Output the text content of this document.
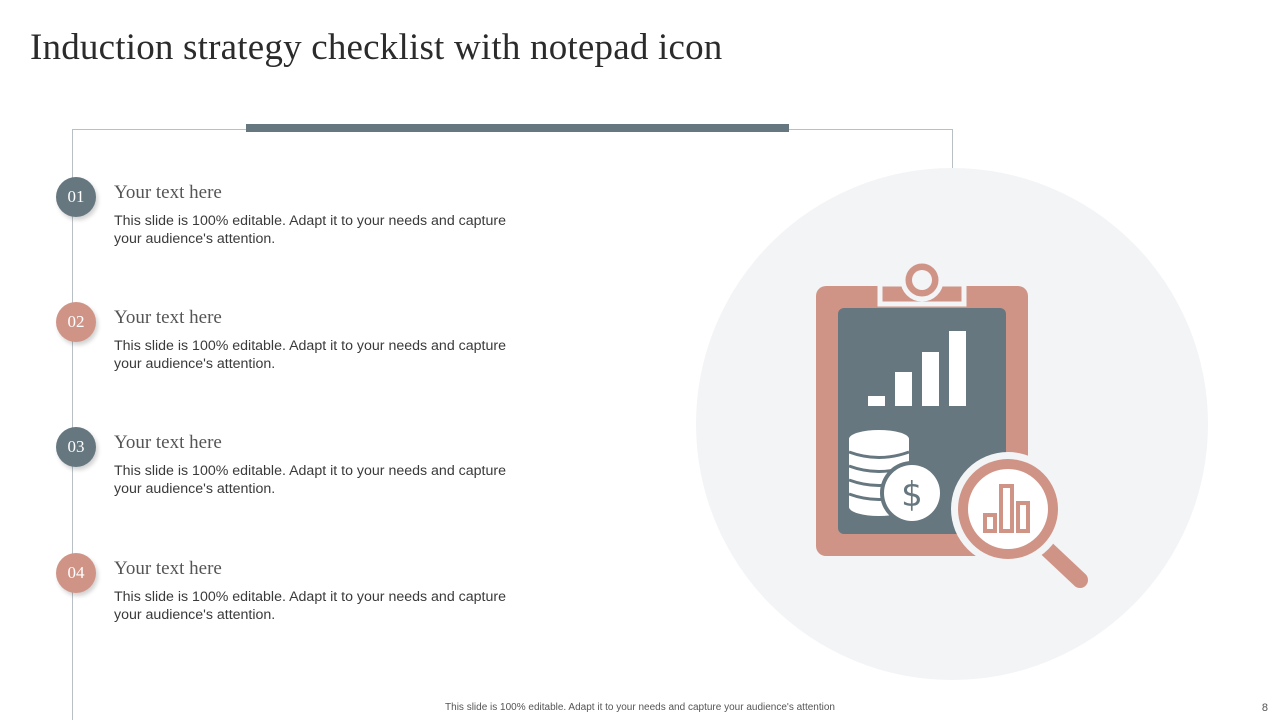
Induction strategy checklist with notepad icon
01	Your text here
This slide is 100% editable. Adapt it to your needs and capture your audience's attention.
02	Your text here
This slide is 100% editable. Adapt it to your needs and capture your audience's attention.
03	Your text here
This slide is 100% editable. Adapt it to your needs and capture your audience's attention.
04	Your text here
This slide is 100% editable. Adapt it to your needs and capture your audience's attention.
$
This slide is 100% editable. Adapt it to your needs and capture your audience's attention	8
